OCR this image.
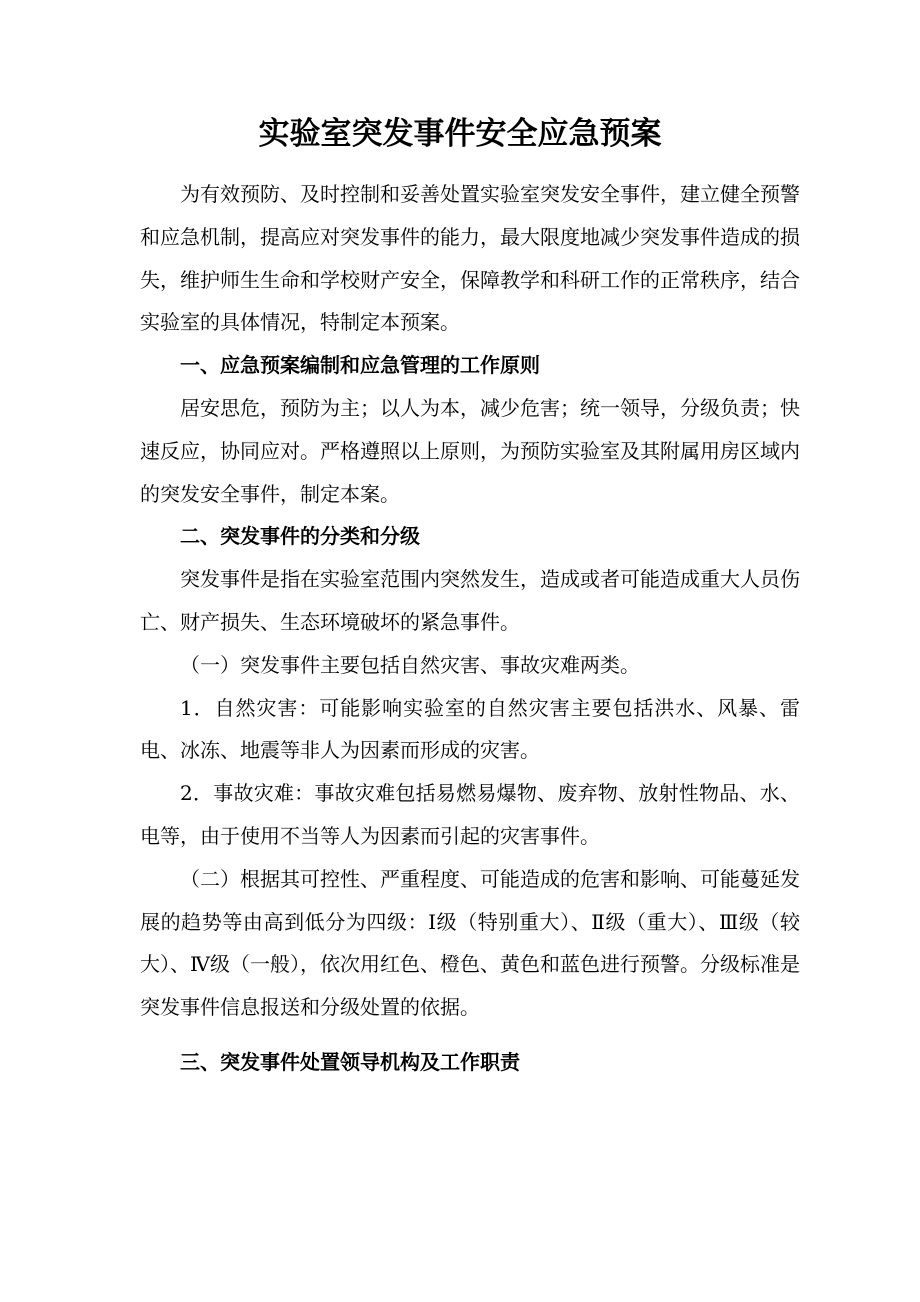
实验室突发事件安全应急预案

为有效预防、及时控制和妥善处置实验室突发安全事件，建立健全预警和应急机制，提高应对突发事件的能力，最大限度地减少突发事件造成的损失，维护师生生命和学校财产安全，保障教学和科研工作的正常秩序，结合实验室的具体情况，特制定本预案。

一、应急预案编制和应急管理的工作原则

居安思危，预防为主；以人为本，减少危害；统一领导，分级负责；快速反应，协同应对。严格遵照以上原则，为预防实验室及其附属用房区域内的突发安全事件，制定本案。

二、突发事件的分类和分级

突发事件是指在实验室范围内突然发生，造成或者可能造成重大人员伤亡、财产损失、生态环境破坏的紧急事件。

（一）突发事件主要包括自然灾害、事故灾难两类。

1．自然灾害：可能影响实验室的自然灾害主要包括洪水、风暴、雷电、冰冻、地震等非人为因素而形成的灾害。

2．事故灾难：事故灾难包括易燃易爆物、废弃物、放射性物品、水、电等，由于使用不当等人为因素而引起的灾害事件。

（二）根据其可控性、严重程度、可能造成的危害和影响、可能蔓延发展的趋势等由高到低分为四级：Ⅰ级（特别重大）、Ⅱ级（重大）、Ⅲ级（较大）、Ⅳ级（一般），依次用红色、橙色、黄色和蓝色进行预警。分级标准是突发事件信息报送和分级处置的依据。

三、突发事件处置领导机构及工作职责
